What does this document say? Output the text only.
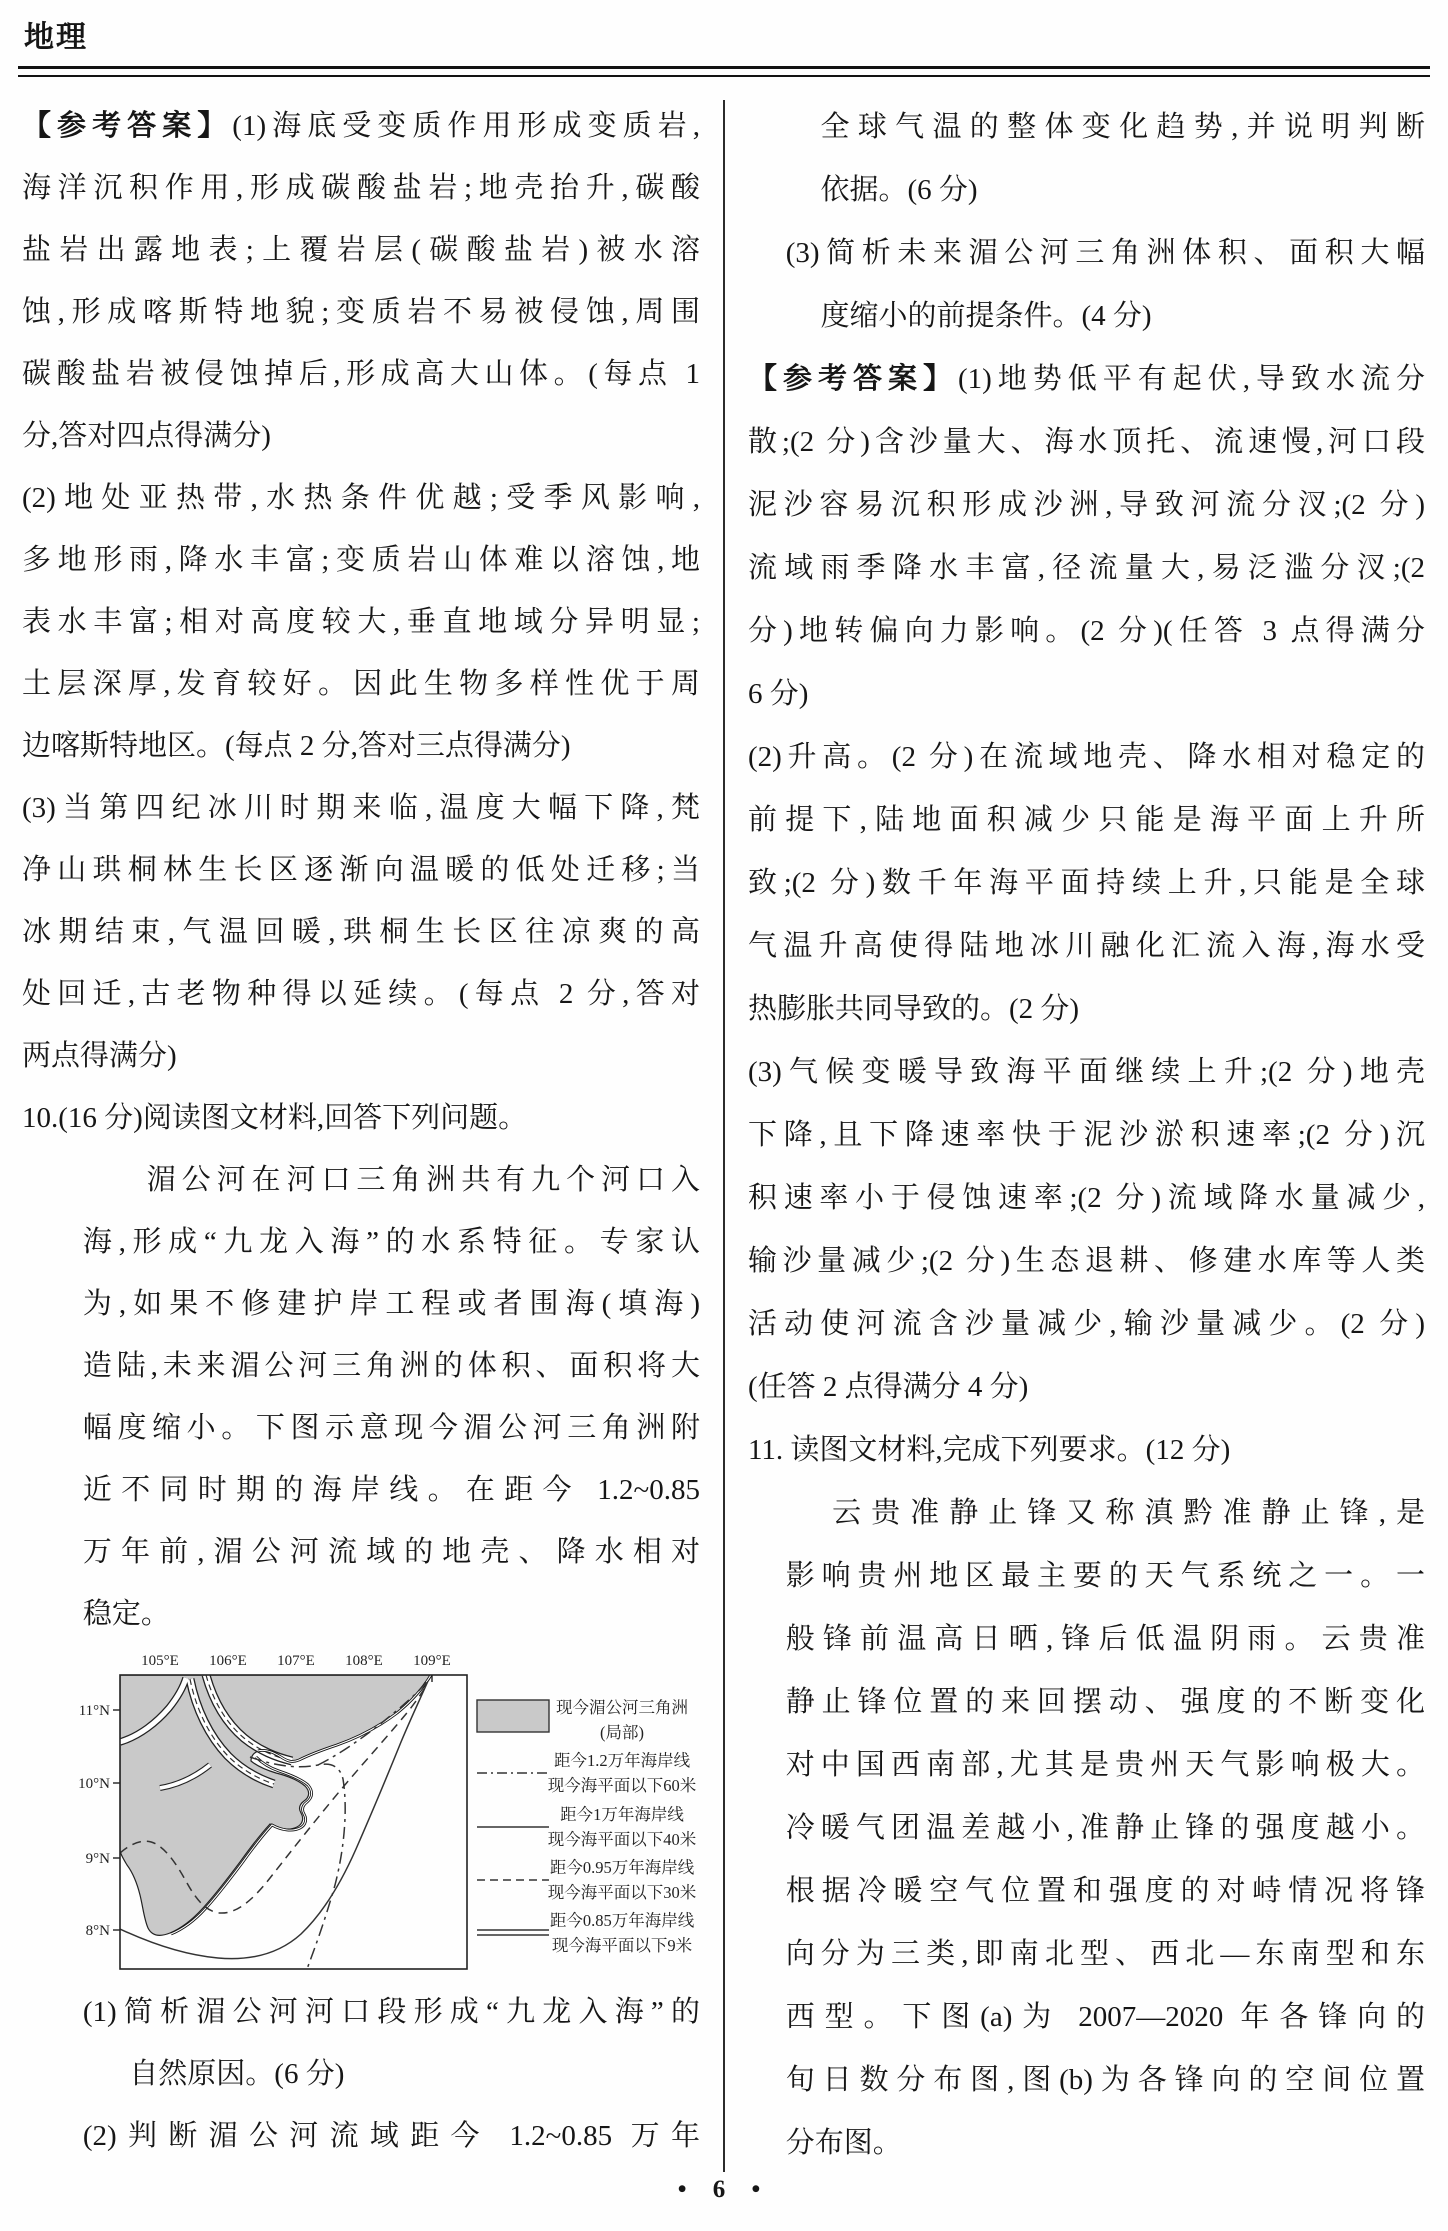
地理
【参考答案】(1)海底受变质作用形成变质岩,
海洋沉积作用,形成碳酸盐岩;地壳抬升,碳酸
盐岩出露地表;上覆岩层(碳酸盐岩)被水溶
蚀,形成喀斯特地貌;变质岩不易被侵蚀,周围
碳酸盐岩被侵蚀掉后,形成高大山体。(每点 1
分,答对四点得满分)
(2)地处亚热带,水热条件优越;受季风影响,
多地形雨,降水丰富;变质岩山体难以溶蚀,地
表水丰富;相对高度较大,垂直地域分异明显;
土层深厚,发育较好。因此生物多样性优于周
边喀斯特地区。(每点 2 分,答对三点得满分)
(3)当第四纪冰川时期来临,温度大幅下降,梵
净山珙桐林生长区逐渐向温暖的低处迁移;当
冰期结束,气温回暖,珙桐生长区往凉爽的高
处回迁,古老物种得以延续。(每点 2 分,答对
两点得满分)
10.(16 分)阅读图文材料,回答下列问题。
湄公河在河口三角洲共有九个河口入
海,形成“九龙入海”的水系特征。专家认
为,如果不修建护岸工程或者围海(填海)
造陆,未来湄公河三角洲的体积、面积将大
幅度缩小。下图示意现今湄公河三角洲附
近不同时期的海岸线。在距今 1.2~0.85
万年前,湄公河流域的地壳、降水相对
稳定。
(1)简析湄公河河口段形成“九龙入海”的
自然原因。(6 分)
(2)判断湄公河流域距今 1.2~0.85 万年
全球气温的整体变化趋势,并说明判断
依据。(6 分)
(3)简析未来湄公河三角洲体积、面积大幅
度缩小的前提条件。(4 分)
【参考答案】(1)地势低平有起伏,导致水流分
散;(2 分)含沙量大、海水顶托、流速慢,河口段
泥沙容易沉积形成沙洲,导致河流分汊;(2 分)
流域雨季降水丰富,径流量大,易泛滥分汊;(2
分)地转偏向力影响。(2 分)(任答 3 点得满分
6 分)
(2)升高。(2 分)在流域地壳、降水相对稳定的
前提下,陆地面积减少只能是海平面上升所
致;(2 分)数千年海平面持续上升,只能是全球
气温升高使得陆地冰川融化汇流入海,海水受
热膨胀共同导致的。(2 分)
(3)气候变暖导致海平面继续上升;(2 分)地壳
下降,且下降速率快于泥沙淤积速率;(2 分)沉
积速率小于侵蚀速率;(2 分)流域降水量减少,
输沙量减少;(2 分)生态退耕、修建水库等人类
活动使河流含沙量减少,输沙量减少。(2 分)
(任答 2 点得满分 4 分)
11. 读图文材料,完成下列要求。(12 分)
云贵准静止锋又称滇黔准静止锋,是
影响贵州地区最主要的天气系统之一。一
般锋前温高日晒,锋后低温阴雨。云贵准
静止锋位置的来回摆动、强度的不断变化
对中国西南部,尤其是贵州天气影响极大。
冷暖气团温差越小,准静止锋的强度越小。
根据冷暖空气位置和强度的对峙情况将锋
向分为三类,即南北型、西北—东南型和东
西型。下图(a)为 2007—2020 年各锋向的
旬日数分布图,图(b)为各锋向的空间位置
分布图。
105°E 106°E 107°E 108°E 109°E
11°N
10°N
9°N
8°N
现今湄公河三角洲
(局部)
距今1.2万年海岸线
现今海平面以下60米
距今1万年海岸线
现今海平面以下40米
距今0.95万年海岸线
现今海平面以下30米
距今0.85万年海岸线
现今海平面以下9米
• 6 •
